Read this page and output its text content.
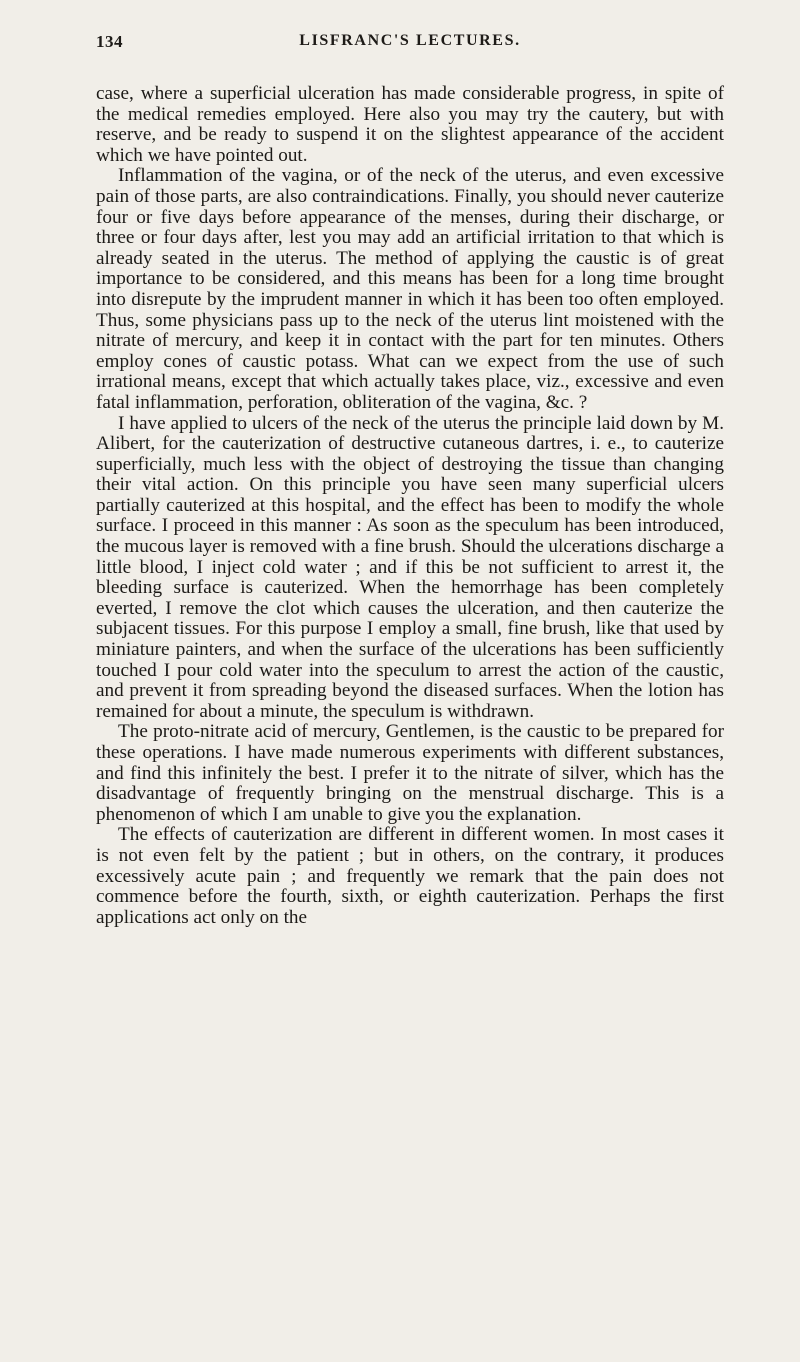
134	LISFRANC'S LECTURES.

case, where a superficial ulceration has made considerable progress, in spite of the medical remedies employed. Here also you may try the cautery, but with reserve, and be ready to suspend it on the slightest appearance of the accident which we have pointed out.

Inflammation of the vagina, or of the neck of the uterus, and even excessive pain of those parts, are also contraindications. Finally, you should never cauterize four or five days before appearance of the menses, during their discharge, or three or four days after, lest you may add an artificial irritation to that which is already seated in the uterus. The method of applying the caustic is of great importance to be considered, and this means has been for a long time brought into disrepute by the imprudent manner in which it has been too often employed. Thus, some physicians pass up to the neck of the uterus lint moistened with the nitrate of mercury, and keep it in contact with the part for ten minutes. Others employ cones of caustic potass. What can we expect from the use of such irrational means, except that which actually takes place, viz., excessive and even fatal inflammation, perforation, obliteration of the vagina, &c. ?

I have applied to ulcers of the neck of the uterus the principle laid down by M. Alibert, for the cauterization of destructive cutaneous dartres, i. e., to cauterize superficially, much less with the object of destroying the tissue than changing their vital action. On this principle you have seen many superficial ulcers partially cauterized at this hospital, and the effect has been to modify the whole surface. I proceed in this manner : As soon as the speculum has been introduced, the mucous layer is removed with a fine brush. Should the ulcerations discharge a little blood, I inject cold water ; and if this be not sufficient to arrest it, the bleeding surface is cauterized. When the hemorrhage has been completely everted, I remove the clot which causes the ulceration, and then cauterize the subjacent tissues. For this purpose I employ a small, fine brush, like that used by miniature painters, and when the surface of the ulcerations has been sufficiently touched I pour cold water into the speculum to arrest the action of the caustic, and prevent it from spreading beyond the diseased surfaces. When the lotion has remained for about a minute, the speculum is withdrawn.

The proto-nitrate acid of mercury, Gentlemen, is the caustic to be prepared for these operations. I have made numerous experiments with different substances, and find this infinitely the best. I prefer it to the nitrate of silver, which has the disadvantage of frequently bringing on the menstrual discharge. This is a phenomenon of which I am unable to give you the explanation.

The effects of cauterization are different in different women. In most cases it is not even felt by the patient ; but in others, on the contrary, it produces excessively acute pain ; and frequently we remark that the pain does not commence before the fourth, sixth, or eighth cauterization. Perhaps the first applications act only on the
